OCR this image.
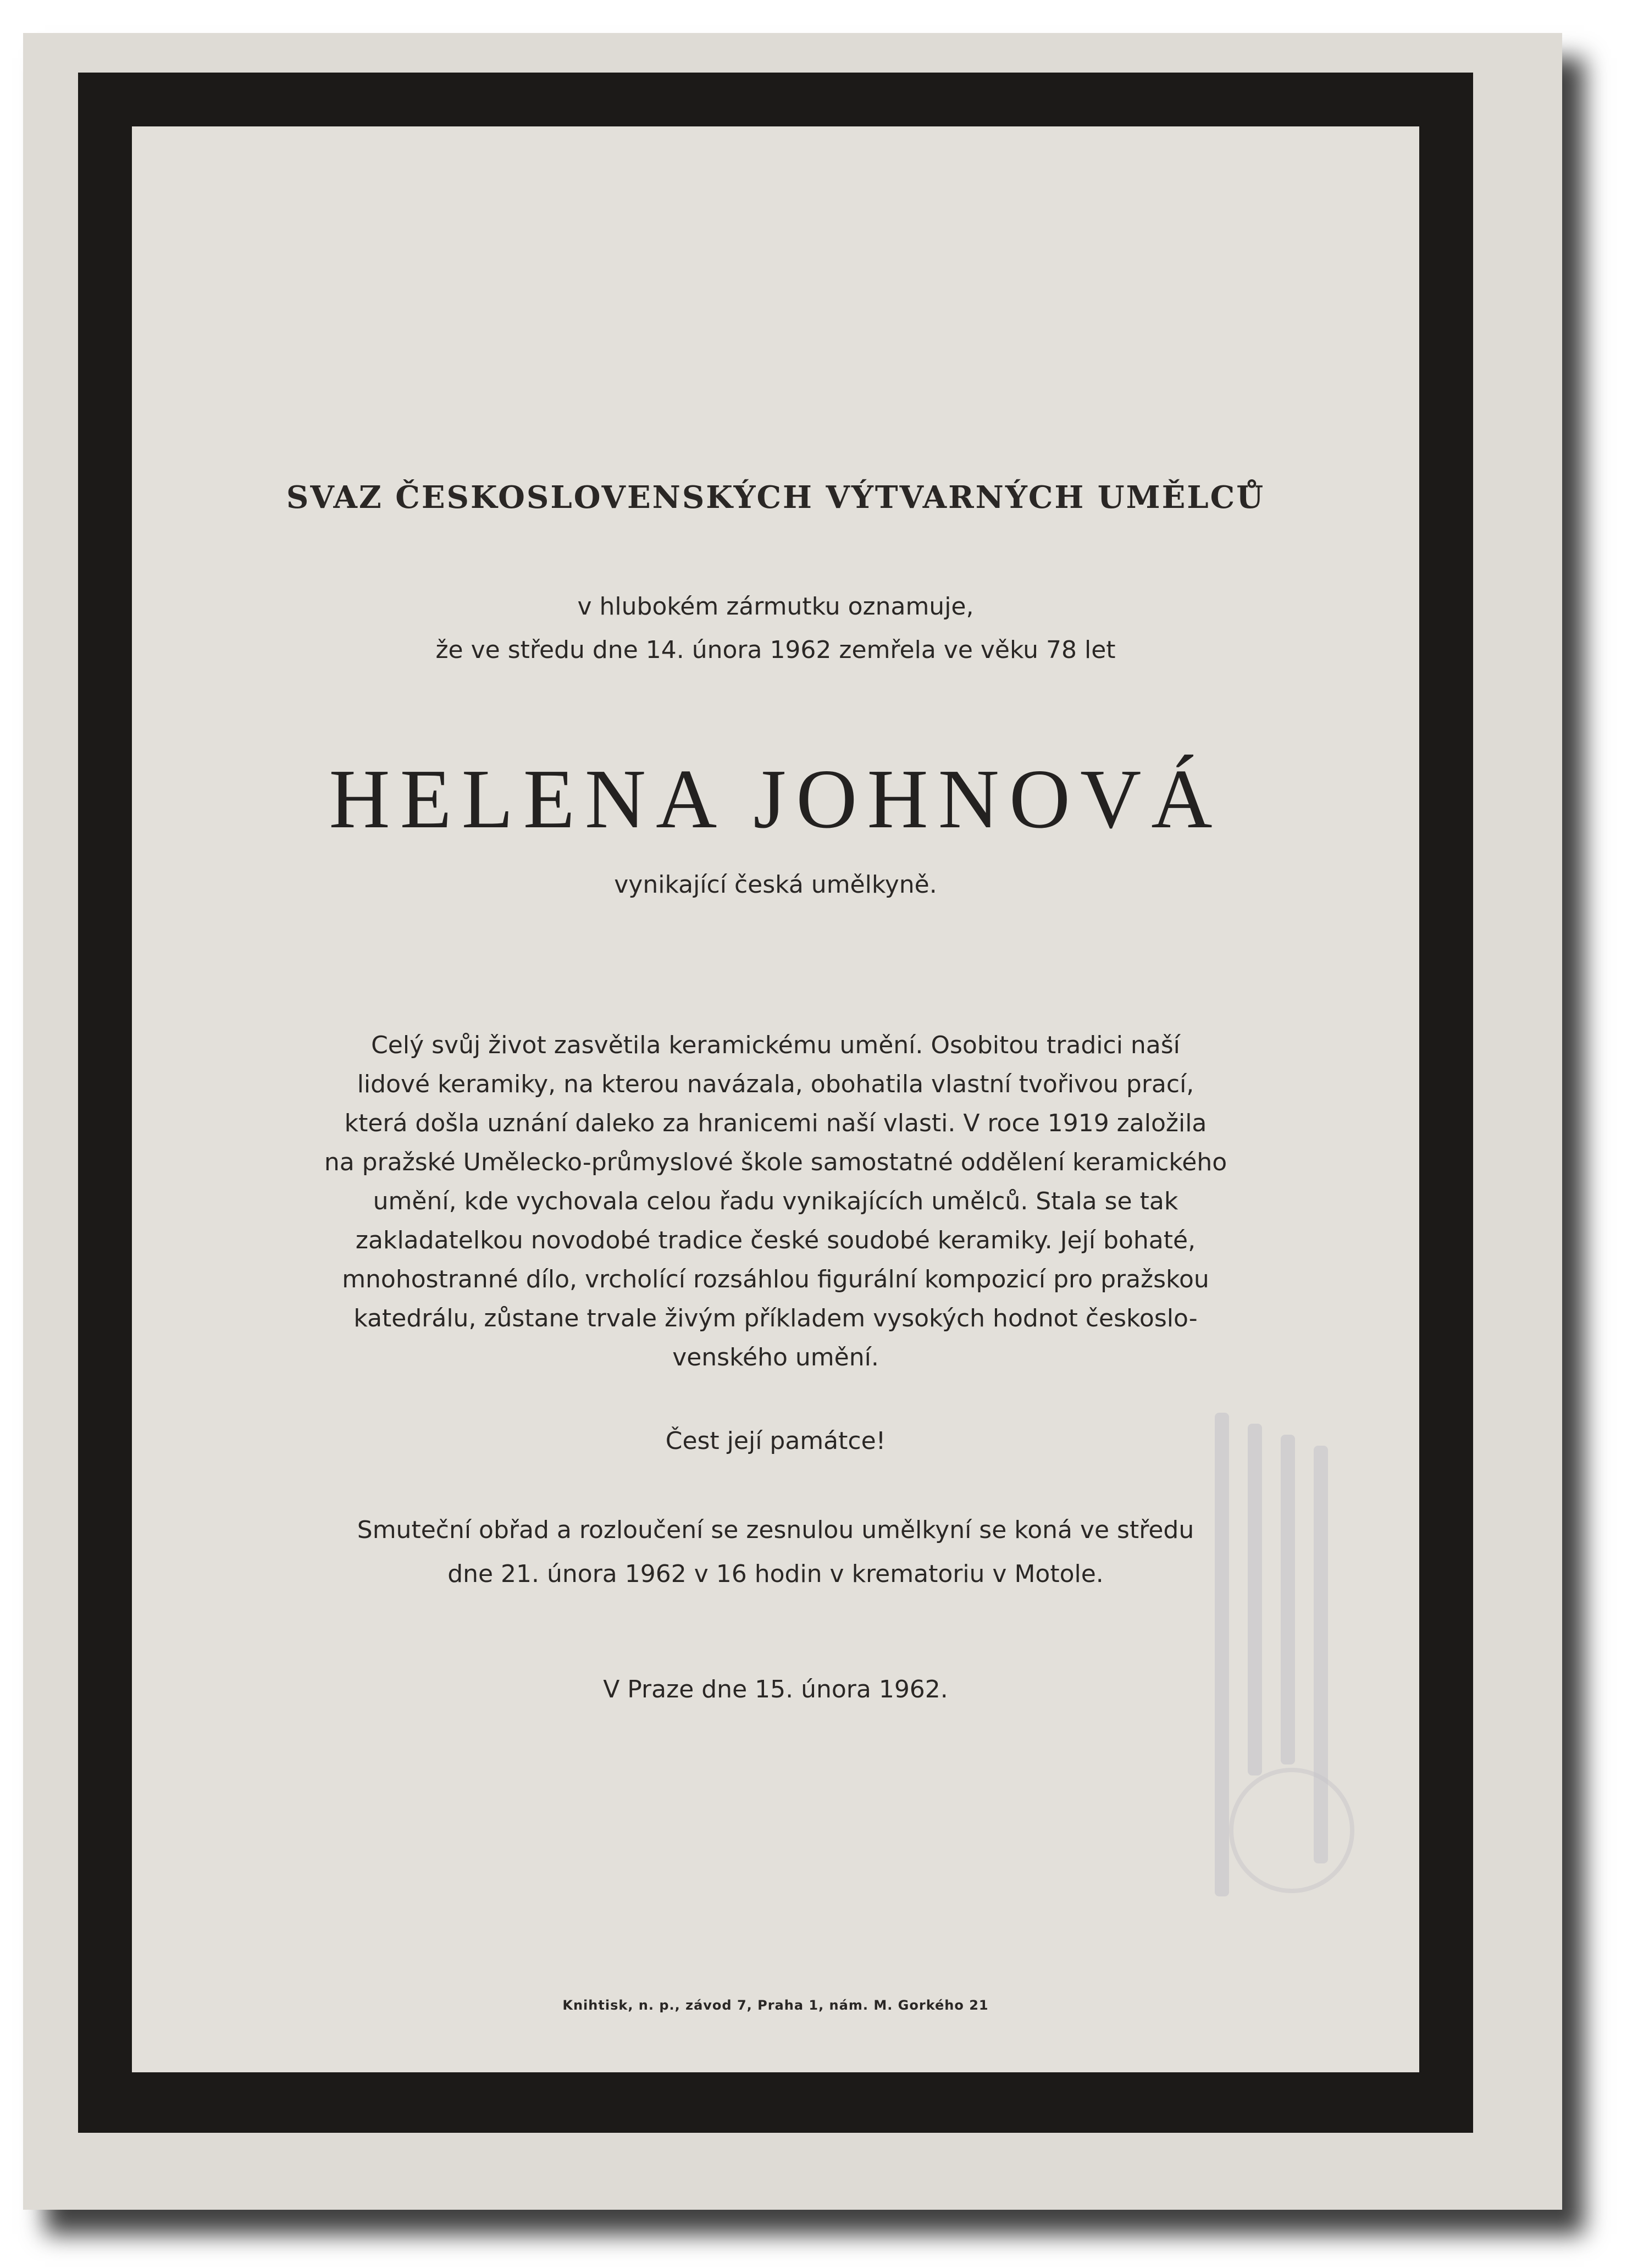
SVAZ ČESKOSLOVENSKÝCH VÝTVARNÝCH UMĚLCŮ
v hlubokém zármutku oznamuje,
že ve středu dne 14. února 1962 zemřela ve věku 78 let
HELENA JOHNOVÁ
vynikající česká umělkyně.
Celý svůj život zasvětila keramickému umění. Osobitou tradici naší
lidové keramiky, na kterou navázala, obohatila vlastní tvořivou prací,
která došla uznání daleko za hranicemi naší vlasti. V roce 1919 založila
na pražské Umělecko-průmyslové škole samostatné oddělení keramického
umění, kde vychovala celou řadu vynikajících umělců. Stala se tak
zakladatelkou novodobé tradice české soudobé keramiky. Její bohaté,
mnohostranné dílo, vrcholící rozsáhlou figurální kompozicí pro pražskou
katedrálu, zůstane trvale živým příkladem vysokých hodnot českoslo-
venského umění.
Čest její památce!
Smuteční obřad a rozloučení se zesnulou umělkyní se koná ve středu
dne 21. února 1962 v 16 hodin v krematoriu v Motole.
V Praze dne 15. února 1962.
Knihtisk, n. p., závod 7, Praha 1, nám. M. Gorkého 21
